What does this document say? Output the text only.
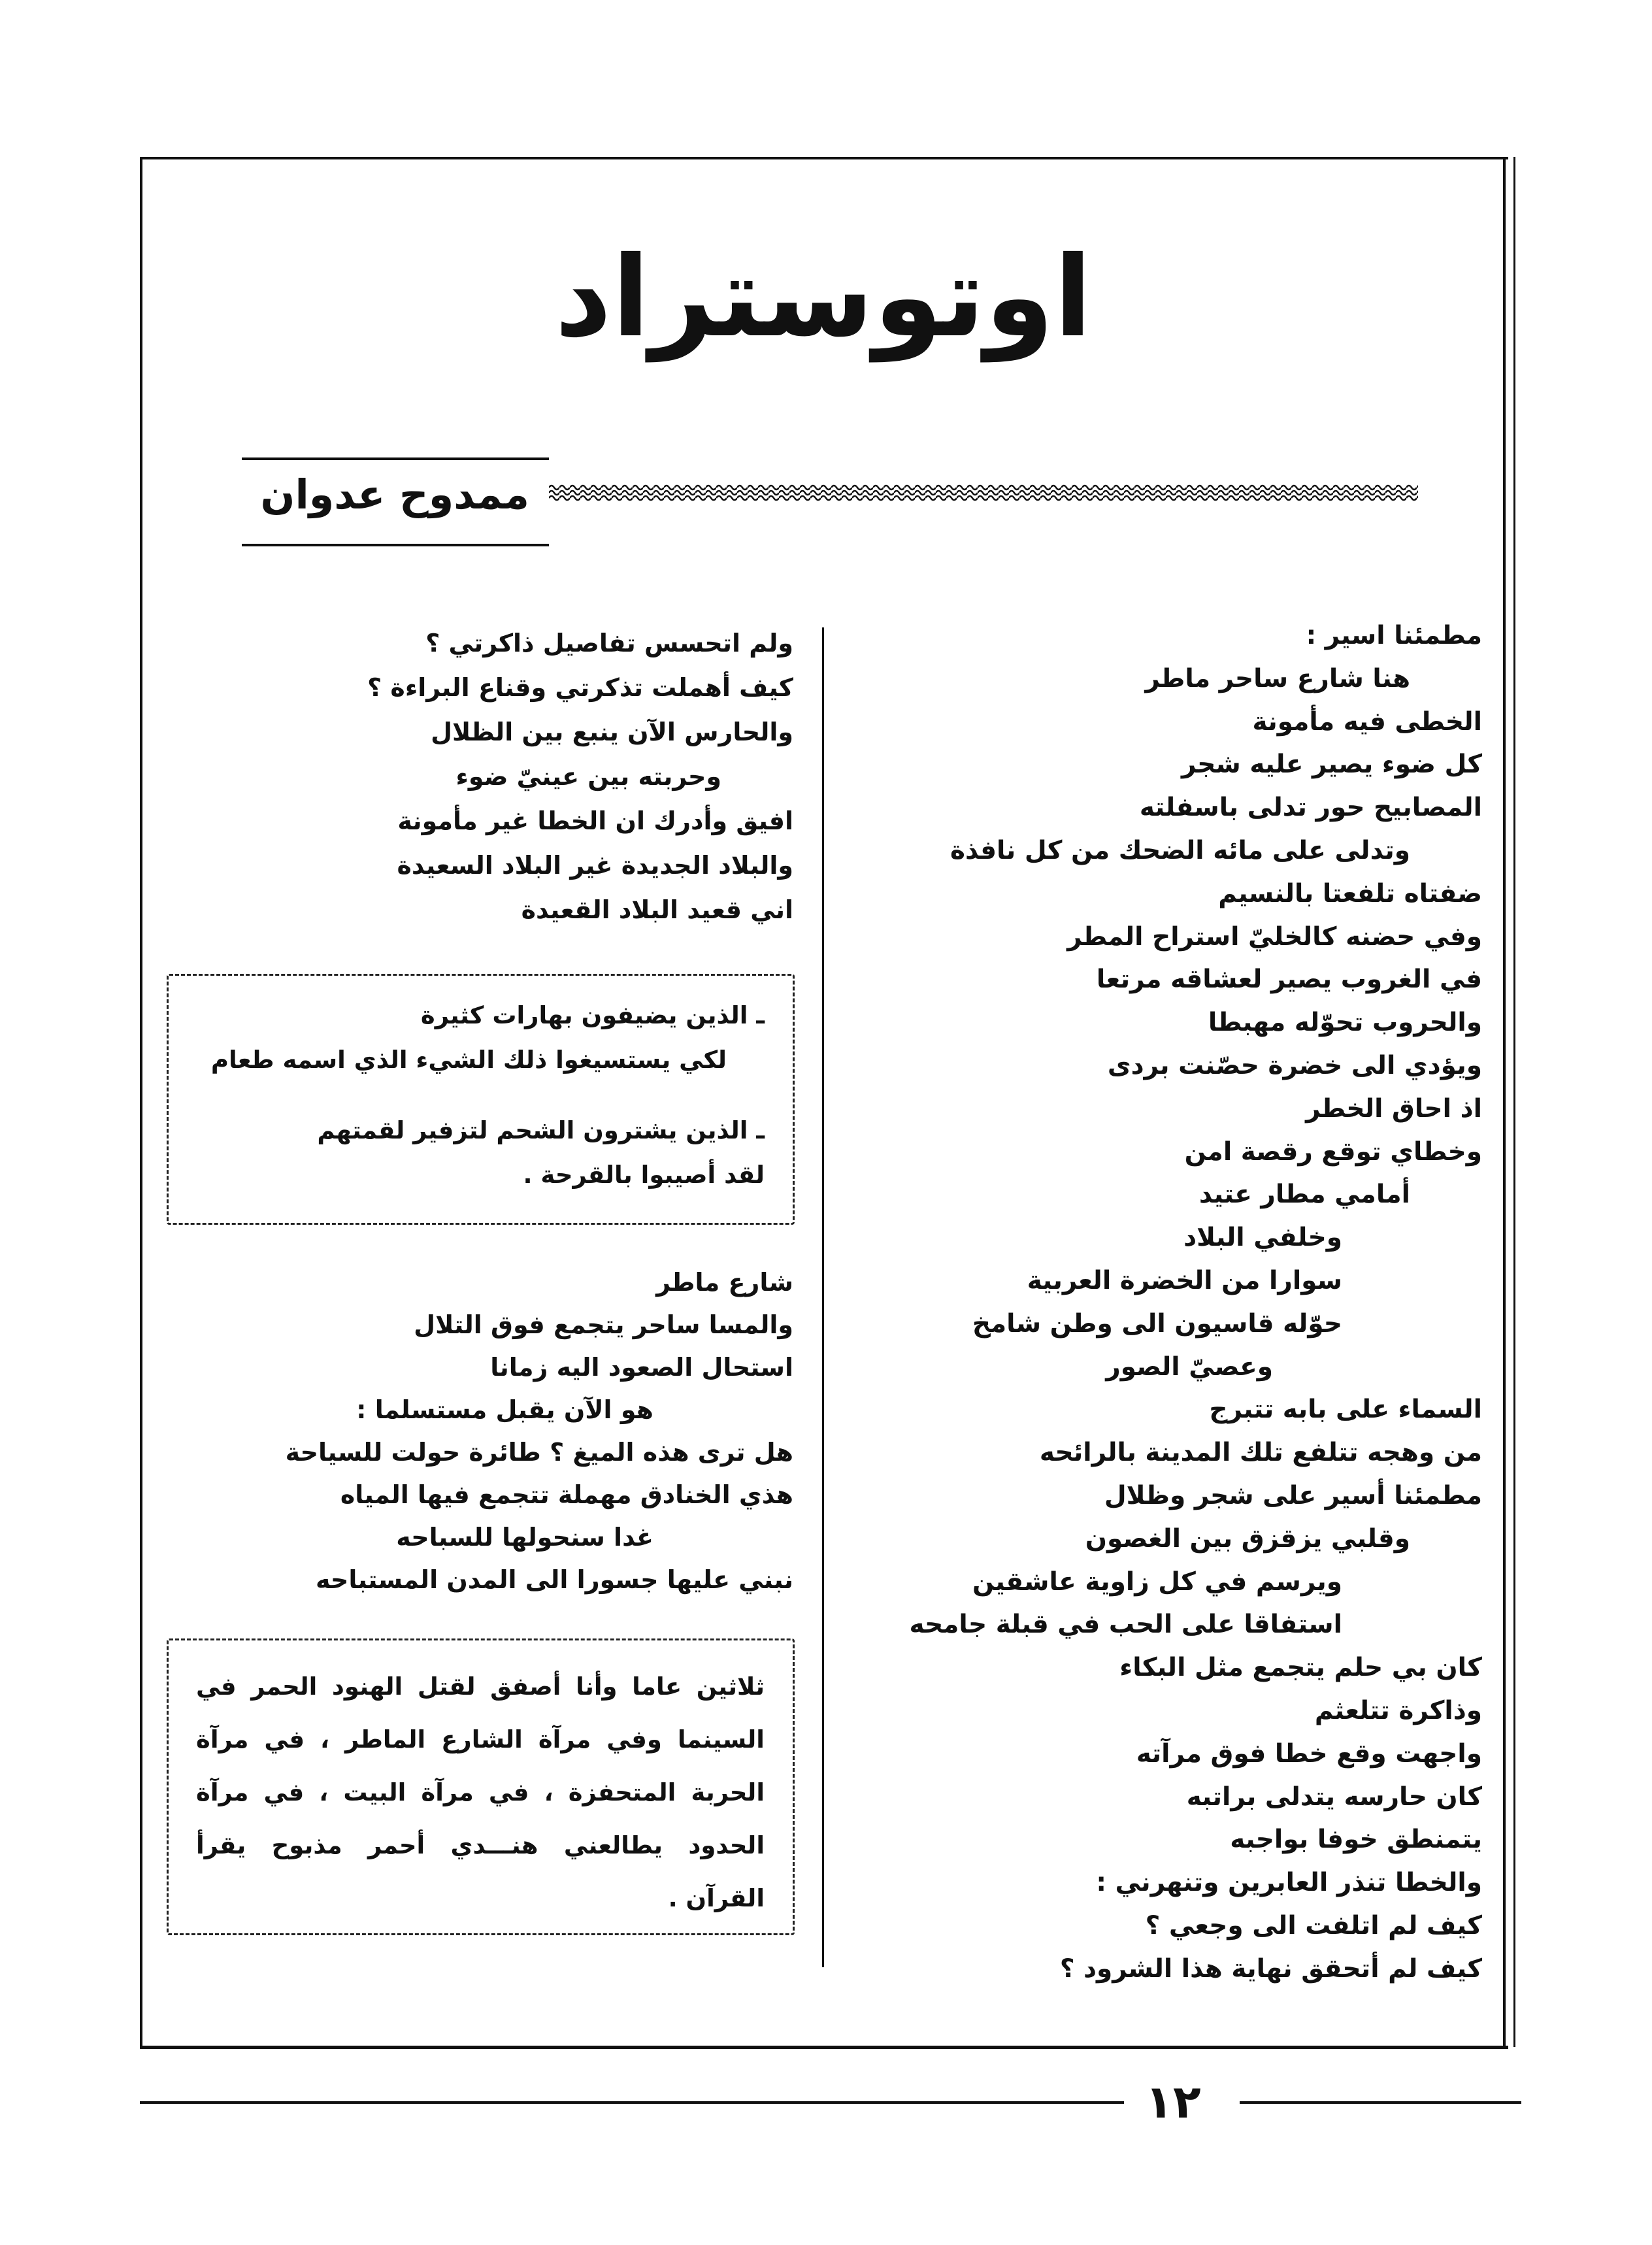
اوتوستراد
ممدوح عدوان
مطمئنا اسير :
هنا شارع ساحر ماطر
الخطى فيه مأمونة
كل ضوء يصير عليه شجر
المصابيح حور تدلى باسفلته
وتدلى على مائه الضحك من كل نافذة
ضفتاه تلفعتا بالنسيم
وفي حضنه كالخليّ استراح المطر
في الغروب يصير لعشاقه مرتعا
والحروب تحوّله مهبطا
ويؤدي الى خضرة حصّنت بردى
اذ احاق الخطر
وخطاي توقع رقصة امن
أمامي مطار عتيد
وخلفي البلاد
سوارا من الخضرة العربية
حوّله قاسيون الى وطن شامخ
وعصيّ الصور
السماء على بابه تتبرج
من وهجه تتلفع تلك المدينة بالرائحه
مطمئنا أسير على شجر وظلال
وقلبي يزقزق بين الغصون
ويرسم في كل زاوية عاشقين
استفاقا على الحب في قبلة جامحه
كان بي حلم يتجمع مثل البكاء
وذاكرة تتلعثم
واجهت وقع خطا فوق مرآته
كان حارسه يتدلى براتبه
يتمنطق خوفا بواجبه
والخطا تنذر العابرين وتنهرني :
كيف لم اتلفت الى وجعي ؟
كيف لم أتحقق نهاية هذا الشرود ؟
ولم اتحسس تفاصيل ذاكرتي ؟
كيف أهملت تذكرتي وقناع البراءة ؟
والحارس الآن ينبع بين الظلال
وحربته بين عينيّ ضوء
افيق وأدرك ان الخطا غير مأمونة
والبلاد الجديدة غير البلاد السعيدة
اني قعيد البلاد القعيدة
ـ الذين يضيفون بهارات كثيرة
لكي يستسيغوا ذلك الشيء الذي اسمه طعام
ـ الذين يشترون الشحم لتزفير لقمتهم
لقد أصيبوا بالقرحة .
شارع ماطر
والمسا ساحر يتجمع فوق التلال
استحال الصعود اليه زمانا
هو الآن يقبل مستسلما :
هل ترى هذه الميغ ؟ طائرة حولت للسياحة
هذي الخنادق مهملة تتجمع فيها المياه
غدا سنحولها للسباحه
نبني عليها جسورا الى المدن المستباحه
ثلاثين عاما وأنا أصفق لقتل الهنود الحمر في السينما وفي مرآة الشارع الماطر ، في مرآة الحربة المتحفزة ، في مرآة البيت ، في مرآة الحدود يطالعني هنـــدي أحمر مذبوح يقرأ القرآن .
١٢
